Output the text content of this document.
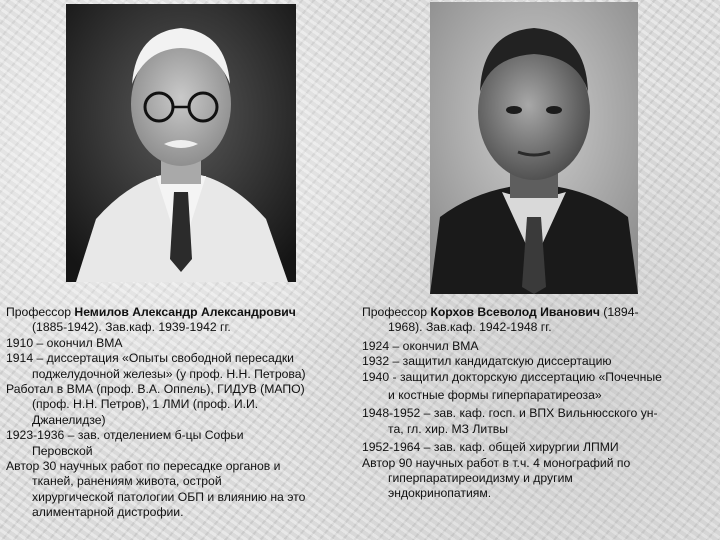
Профессор Немилов Александр Александрович

(1885-1942). Зав.каф. 1939-1942 гг.

1910 – окончил ВМА

1914 – диссертация «Опыты свободной пересадки

поджелудочной железы» (у проф. Н.Н. Петрова)

Работал в ВМА (проф. В.А. Оппель), ГИДУВ (МАПО)

(проф. Н.Н. Петров), 1 ЛМИ (проф. И.И.

Джанелидзе)

1923-1936 – зав. отделением б-цы Софьи

Перовской

Автор 30 научных работ по пересадке органов и

тканей, ранениям живота, острой

хирургической патологии ОБП и влиянию на это

алиментарной дистрофии.

Профессор Корхов Всеволод Иванович (1894-

1968). Зав.каф. 1942-1948 гг.

1924 – окончил ВМА

1932 – защитил кандидатскую диссертацию

1940 - защитил докторскую диссертацию «Почечные

и костные формы гиперпаратиреоза»

1948-1952 – зав. каф. госп. и ВПХ Вильнюсского ун-

та, гл. хир. МЗ Литвы

1952-1964 – зав. каф. общей хирургии ЛПМИ

Автор 90 научных работ в т.ч. 4 монографий по

гиперпаратиреоидизму и другим

эндокринопатиям.
